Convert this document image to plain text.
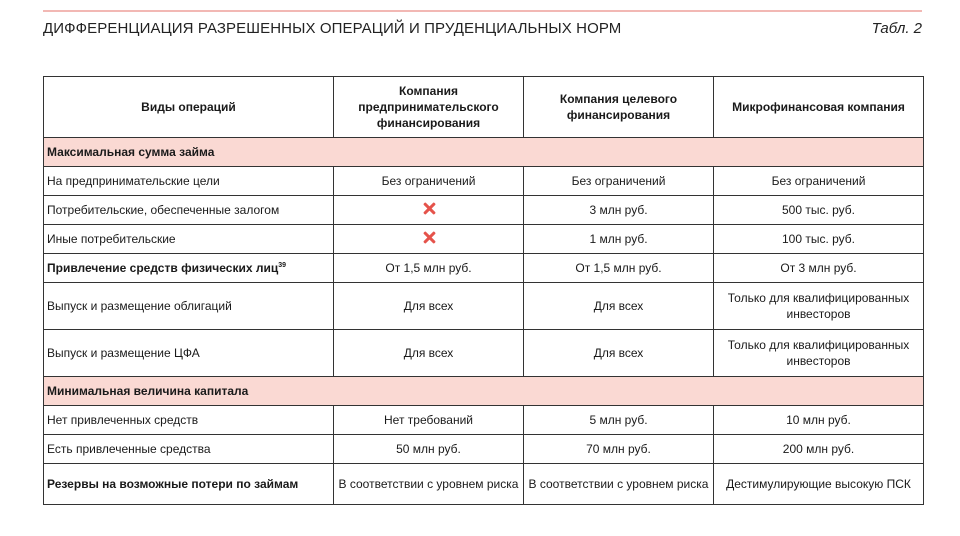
ДИФФЕРЕНЦИАЦИЯ РАЗРЕШЕННЫХ ОПЕРАЦИЙ И ПРУДЕНЦИАЛЬНЫХ НОРМ	Табл. 2
Виды операций	Компания предпринимательского финансирования	Компания целевого финансирования	Микрофинансовая компания
Максимальная сумма займа			
На предпринимательские цели	Без ограничений	Без ограничений	Без ограничений
Потребительские, обеспеченные залогом		3 млн руб.	500 тыс. руб.
Иные потребительские		1 млн руб.	100 тыс. руб.
Привлечение средств физических лиц$^{39}$	От 1,5 млн руб.	От 1,5 млн руб.	От 3 млн руб.
Выпуск и размещение облигаций	Для всех	Для всех	Только для квалифицированных инвесторов
Выпуск и размещение ЦФА	Для всех	Для всех	Только для квалифицированных инвесторов
Минимальная величина капитала			
Нет привлеченных средств	Нет требований	5 млн руб.	10 млн руб.
Есть привлеченные средства	50 млн руб.	70 млн руб.	200 млн руб.
Резервы на возможные потери по займам	В соответствии с уровнем риска	В соответствии с уровнем риска	Дестимулирующие высокую ПСК
